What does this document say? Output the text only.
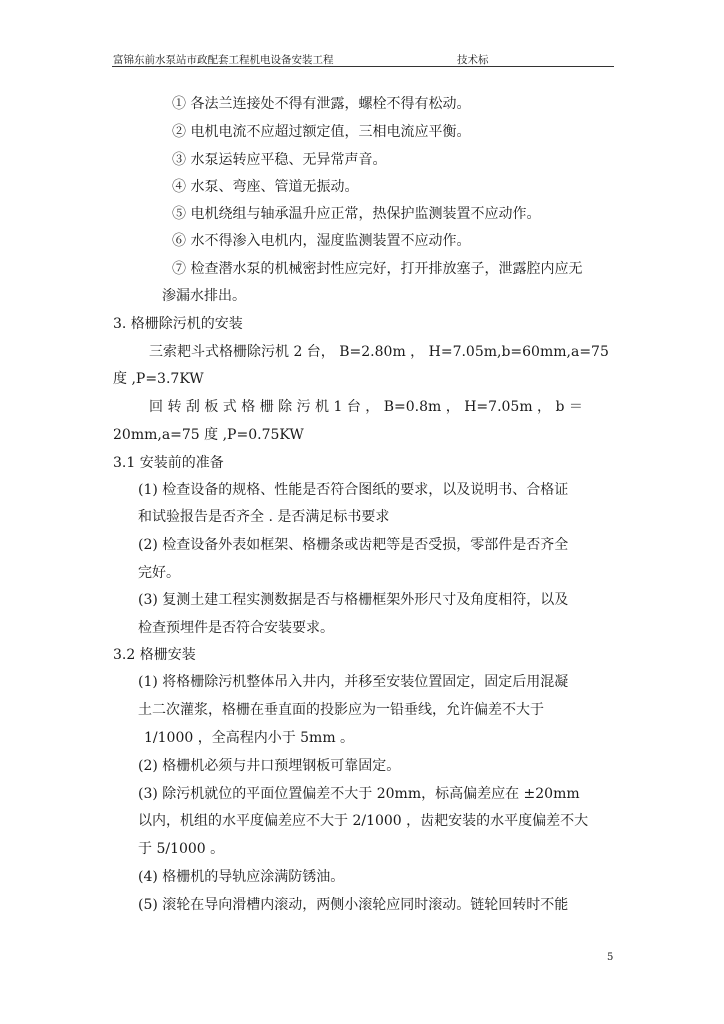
富锦东前水泵站市政配套工程机电设备安装工程	技术标
① 各法兰连接处不得有泄露，螺栓不得有松动。
② 电机电流不应超过额定值，三相电流应平衡。
③ 水泵运转应平稳、无异常声音。
④ 水泵、弯座、管道无振动。
⑤ 电机绕组与轴承温升应正常，热保护监测装置不应动作。
⑥ 水不得渗入电机内，湿度监测装置不应动作。
⑦ 检查潜水泵的机械密封性应完好，打开排放塞子，泄露腔内应无
渗漏水排出。
3. 格栅除污机的安装
三索耙斗式格栅除污机 2 台， B=2.80m ， H=7.05m,b=60mm,a=75
度 ,P=3.7KW
回 转 刮 板 式 格 栅 除 污 机 1 台 ， B=0.8m ， H=7.05m ， b ＝
20mm,a=75 度 ,P=0.75KW
3.1 安装前的准备
(1) 检查设备的规格、性能是否符合图纸的要求，以及说明书、合格证
和试验报告是否齐全 . 是否满足标书要求
(2) 检查设备外表如框架、格栅条或齿耙等是否受损，零部件是否齐全
完好。
(3) 复测土建工程实测数据是否与格栅框架外形尺寸及角度相符，以及
检查预埋件是否符合安装要求。
3.2 格栅安装
(1) 将格栅除污机整体吊入井内，并移至安装位置固定，固定后用混凝
土二次灌浆，格栅在垂直面的投影应为一铅垂线，允许偏差不大于
1/1000 ，全高程内小于 5mm 。
(2) 格栅机必须与井口预埋钢板可靠固定。
(3) 除污机就位的平面位置偏差不大于 20mm，标高偏差应在 ±20mm
以内，机组的水平度偏差应不大于 2/1000 ，齿耙安装的水平度偏差不大
于 5/1000 。
(4) 格栅机的导轨应涂满防锈油。
(5) 滚轮在导向滑槽内滚动，两侧小滚轮应同时滚动。链轮回转时不能
5
